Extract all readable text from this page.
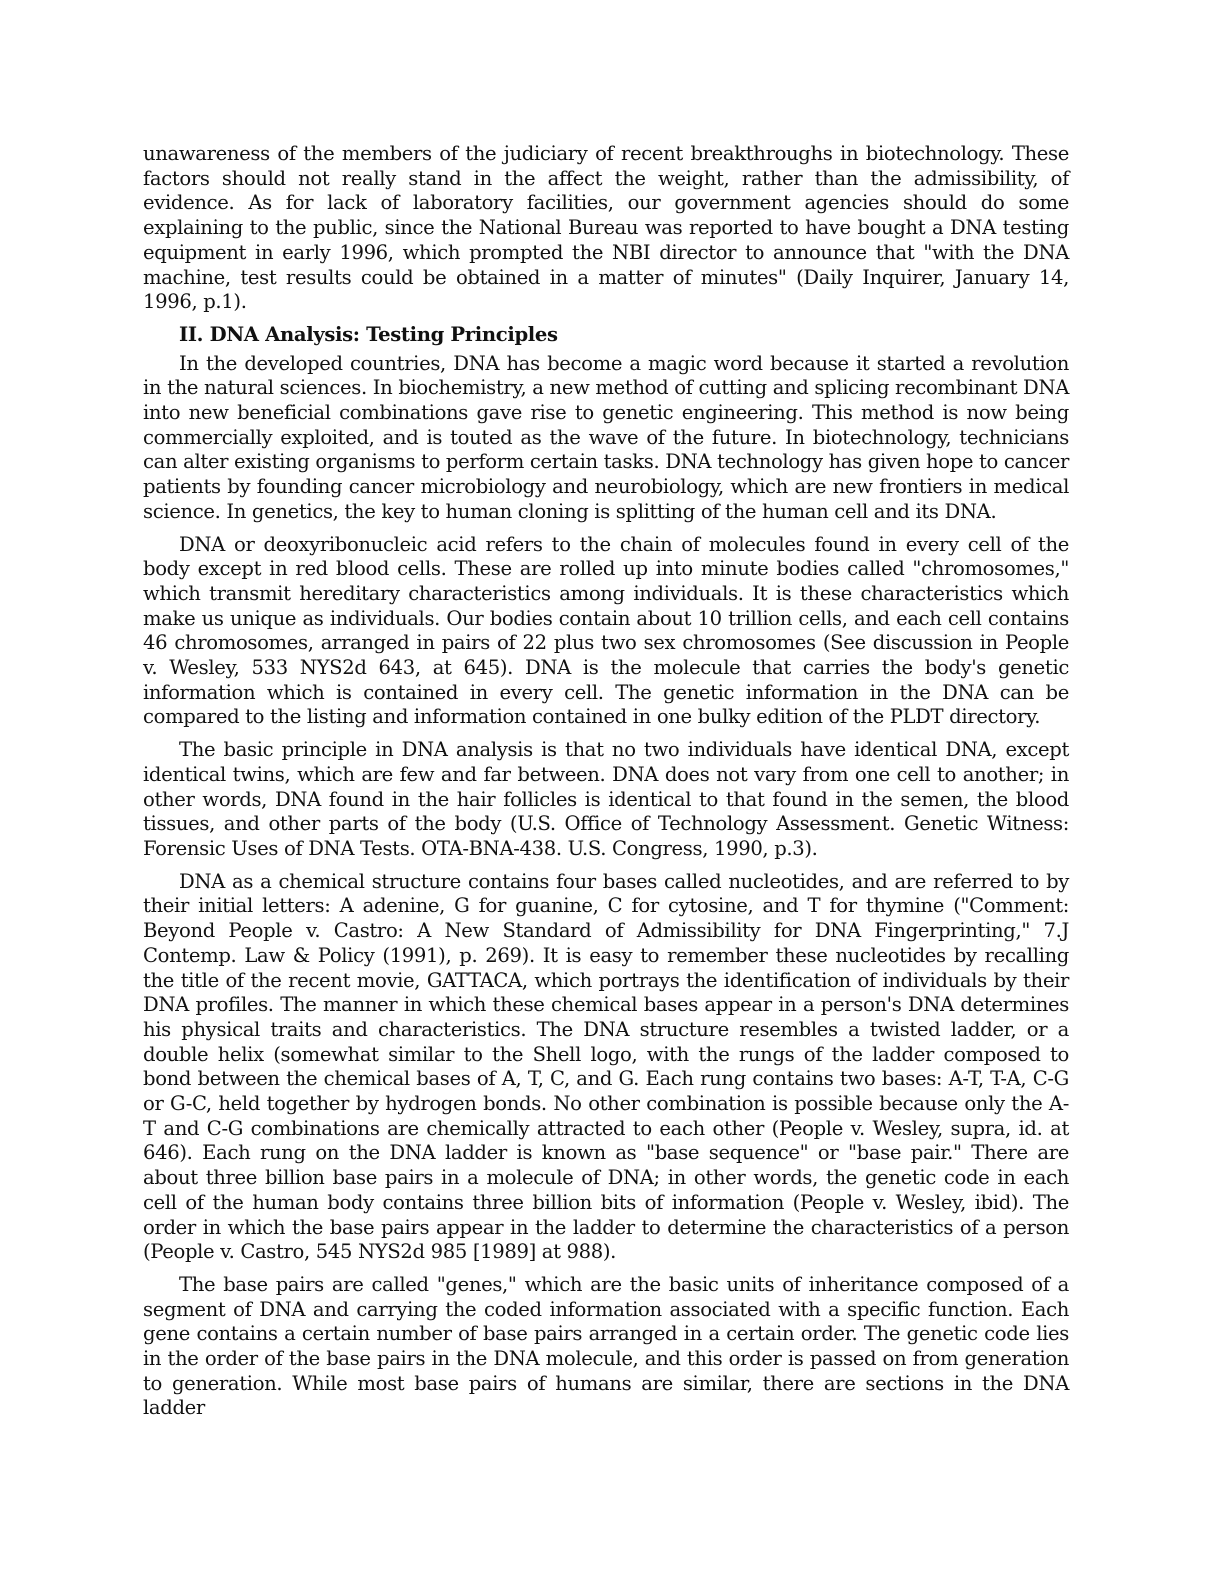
unawareness of the members of the judiciary of recent breakthroughs in biotechnology. These factors should not really stand in the affect the weight, rather than the admissibility, of evidence. As for lack of laboratory facilities, our government agencies should do some explaining to the public, since the National Bureau was reported to have bought a DNA testing equipment in early 1996, which prompted the NBI director to announce that "with the DNA machine, test results could be obtained in a matter of minutes" (Daily Inquirer, January 14, 1996, p.1).

II. DNA Analysis: Testing Principles

In the developed countries, DNA has become a magic word because it started a revolution in the natural sciences. In biochemistry, a new method of cutting and splicing recombinant DNA into new beneficial combinations gave rise to genetic engineering. This method is now being commercially exploited, and is touted as the wave of the future. In biotechnology, technicians can alter existing organisms to perform certain tasks. DNA technology has given hope to cancer patients by founding cancer microbiology and neurobiology, which are new frontiers in medical science. In genetics, the key to human cloning is splitting of the human cell and its DNA.

DNA or deoxyribonucleic acid refers to the chain of molecules found in every cell of the body except in red blood cells. These are rolled up into minute bodies called "chromosomes," which transmit hereditary characteristics among individuals. It is these characteristics which make us unique as individuals. Our bodies contain about 10 trillion cells, and each cell contains 46 chromosomes, arranged in pairs of 22 plus two sex chromosomes (See discussion in People v. Wesley, 533 NYS2d 643, at 645). DNA is the molecule that carries the body's genetic information which is contained in every cell. The genetic information in the DNA can be compared to the listing and information contained in one bulky edition of the PLDT directory.

The basic principle in DNA analysis is that no two individuals have identical DNA, except identical twins, which are few and far between. DNA does not vary from one cell to another; in other words, DNA found in the hair follicles is identical to that found in the semen, the blood tissues, and other parts of the body (U.S. Office of Technology Assessment. Genetic Witness: Forensic Uses of DNA Tests. OTA-BNA-438. U.S. Congress, 1990, p.3).

DNA as a chemical structure contains four bases called nucleotides, and are referred to by their initial letters: A adenine, G for guanine, C for cytosine, and T for thymine ("Comment: Beyond People v. Castro: A New Standard of Admissibility for DNA Fingerprinting," 7.J Contemp. Law & Policy (1991), p. 269). It is easy to remember these nucleotides by recalling the title of the recent movie, GATTACA, which portrays the identification of individuals by their DNA profiles. The manner in which these chemical bases appear in a person's DNA determines his physical traits and characteristics. The DNA structure resembles a twisted ladder, or a double helix (somewhat similar to the Shell logo, with the rungs of the ladder composed to bond between the chemical bases of A, T, C, and G. Each rung contains two bases: A-T, T-A, C-G or G-C, held together by hydrogen bonds. No other combination is possible because only the A-T and C-G combinations are chemically attracted to each other (People v. Wesley, supra, id. at 646). Each rung on the DNA ladder is known as "base sequence" or "base pair." There are about three billion base pairs in a molecule of DNA; in other words, the genetic code in each cell of the human body contains three billion bits of information (People v. Wesley, ibid). The order in which the base pairs appear in the ladder to determine the characteristics of a person (People v. Castro, 545 NYS2d 985 [1989] at 988).

The base pairs are called "genes," which are the basic units of inheritance composed of a segment of DNA and carrying the coded information associated with a specific function. Each gene contains a certain number of base pairs arranged in a certain order. The genetic code lies in the order of the base pairs in the DNA molecule, and this order is passed on from generation to generation. While most base pairs of humans are similar, there are sections in the DNA ladder
